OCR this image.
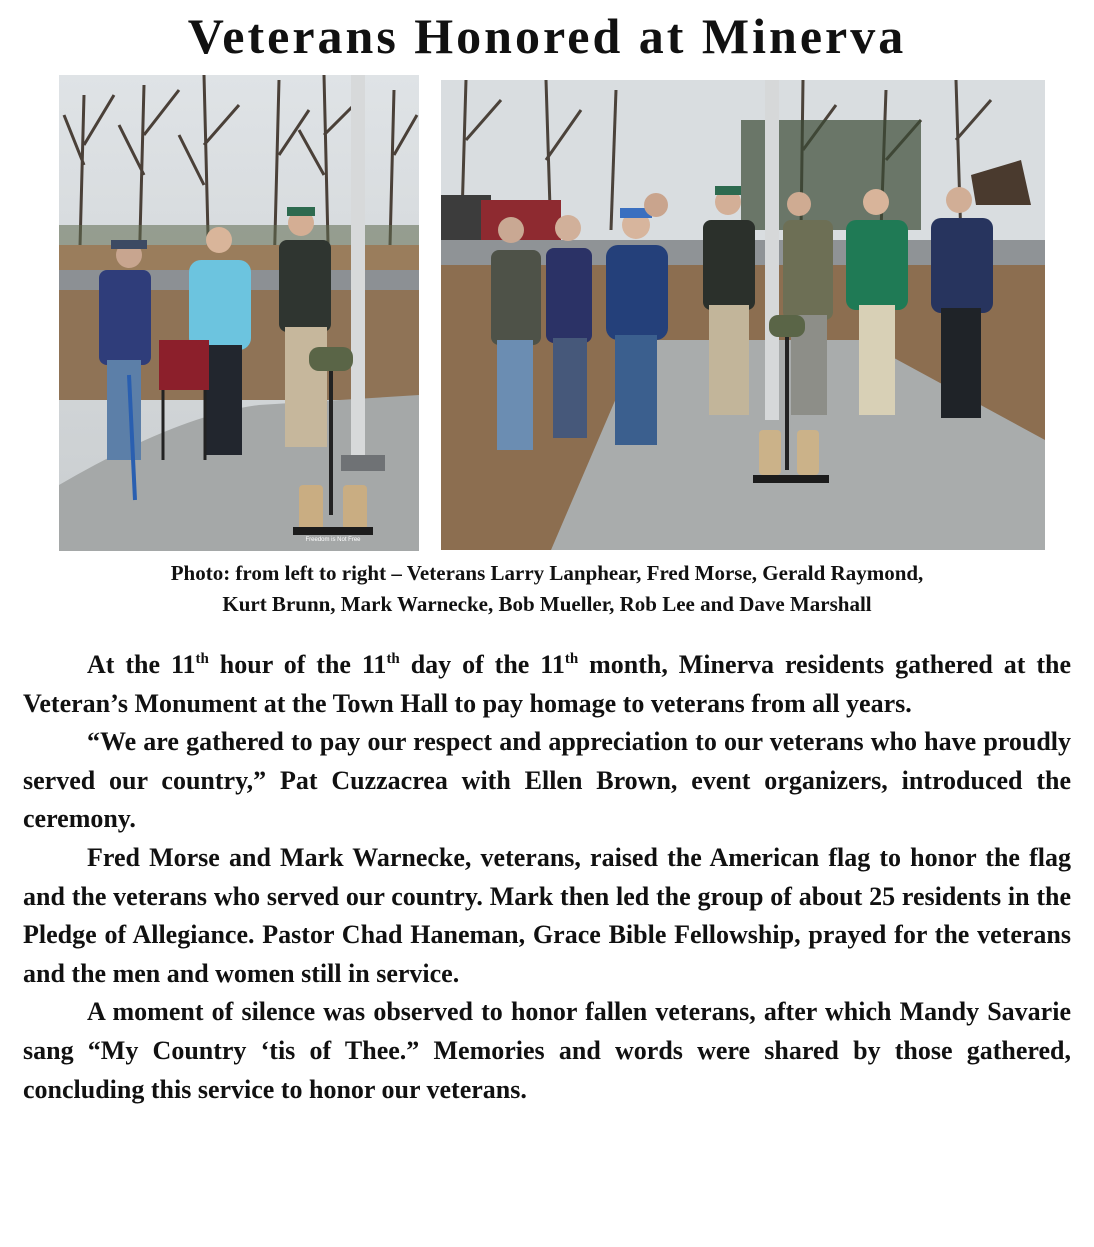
Veterans Honored at Minerva
Freedom is Not Free
Photo: from left to right – Veterans Larry Lanphear, Fred Morse, Gerald Raymond,
Kurt Brunn, Mark Warnecke, Bob Mueller, Rob Lee and Dave Marshall

At the 11th hour of the 11th day of the 11th month, Minerva residents gathered at the Veteran’s Monument at the Town Hall to pay homage to veterans from all years.

“We are gathered to pay our respect and appreciation to our veterans who have proudly served our country,” Pat Cuzzacrea with Ellen Brown, event organizers, introduced the ceremony.

Fred Morse and Mark Warnecke, veterans, raised the American flag to honor the flag and the veterans who served our country. Mark then led the group of about 25 residents in the Pledge of Allegiance. Pastor Chad Haneman, Grace Bible Fellowship, prayed for the veterans and the men and women still in service.

A moment of silence was observed to honor fallen veterans, after which Mandy Savarie sang “My Country ‘tis of Thee.” Memories and words were shared by those gathered, concluding this service to honor our veterans.
